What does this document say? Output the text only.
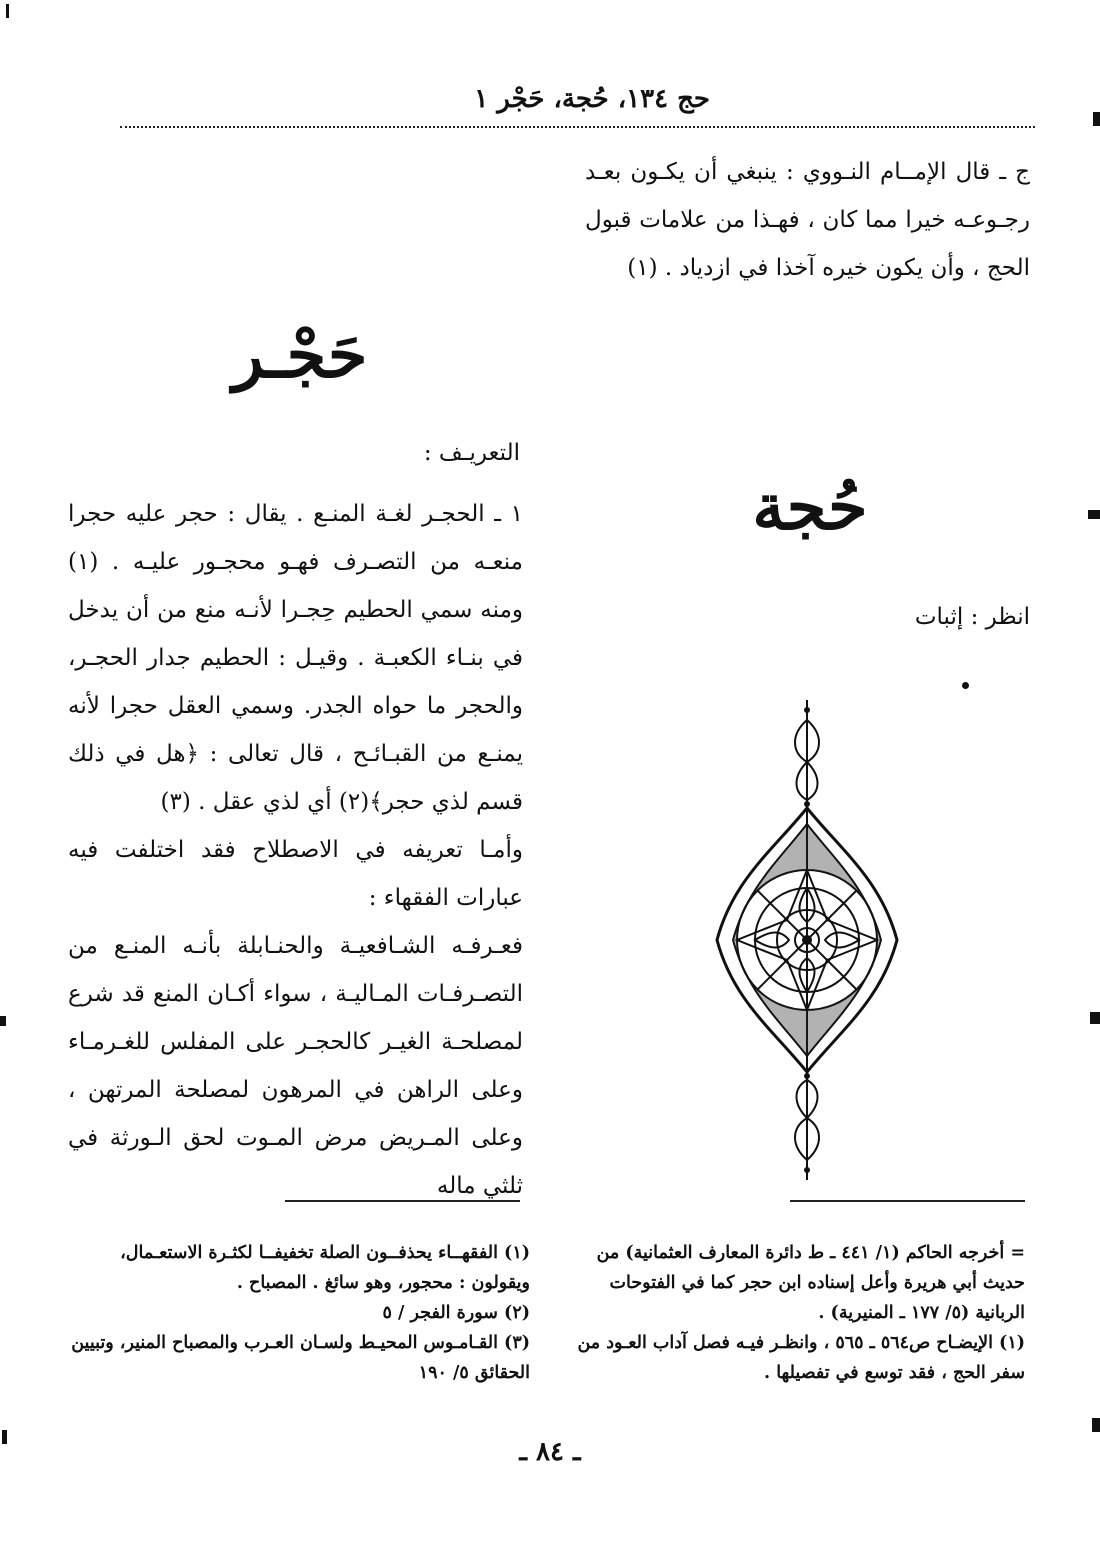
حج ١٣٤، حُجة، حَجْر ١
ج ـ قال الإمــام النـووي : ينبغي أن يكـون بعـد رجـوعـه خيرا مما كان ، فهـذا من علامات قبول الحج ، وأن يكون خيره آخذا في ازدياد . (١)
حَجْـر
حُجة
التعريـف :

١ ـ الحجـر لغـة المنـع . يقال : حجر عليه حجرا منعـه من التصـرف فهـو محجـور عليـه . (١) ومنه سمي الحطيم حِجـرا لأنـه منع من أن يدخل في بنـاء الكعبـة . وقيـل : الحطيم جدار الحجـر، والحجر ما حواه الجدر. وسمي العقل حجرا لأنه يمنـع من القبـائـح ، قال تعالى : ﴿هل في ذلك قسم لذي حجر﴾(٢) أي لذي عقل . (٣)

وأمـا تعريفه في الاصطلاح فقد اختلفت فيه عبارات الفقهاء :

فعـرفـه الشـافعيـة والحنـابلة بأنـه المنـع من التصـرفـات المـاليـة ، سواء أكـان المنع قد شرع لمصلحـة الغيـر كالحجـر على المفلس للغـرمـاء وعلى الراهن في المرهون لمصلحة المرتهن ، وعلى المـريض مرض المـوت لحق الـورثة في ثلثي ماله

انظر : إثبات

(١) الفقهــاء يحذفــون الصلة تخفيفــا لكثـرة الاستعـمال، ويقولون : محجور، وهو سائغ . المصباح .

(٢) سورة الفجر / ٥

(٣) القـامـوس المحيـط ولسـان العـرب والمصباح المنير، وتبيين الحقائق ٥/ ١٩٠

= أخرجه الحاكم (١/ ٤٤١ ـ ط دائرة المعارف العثمانية) من حديث أبي هريرة وأعل إسناده ابن حجر كما في الفتوحات الربانية (٥/ ١٧٧ ـ المنيرية) .

(١) الإيضـاح ص٥٦٤ ـ ٥٦٥ ، وانظـر فيـه فصل آداب العـود من سفر الحج ، فقد توسع في تفصيلها .

ـ ٨٤ ـ
